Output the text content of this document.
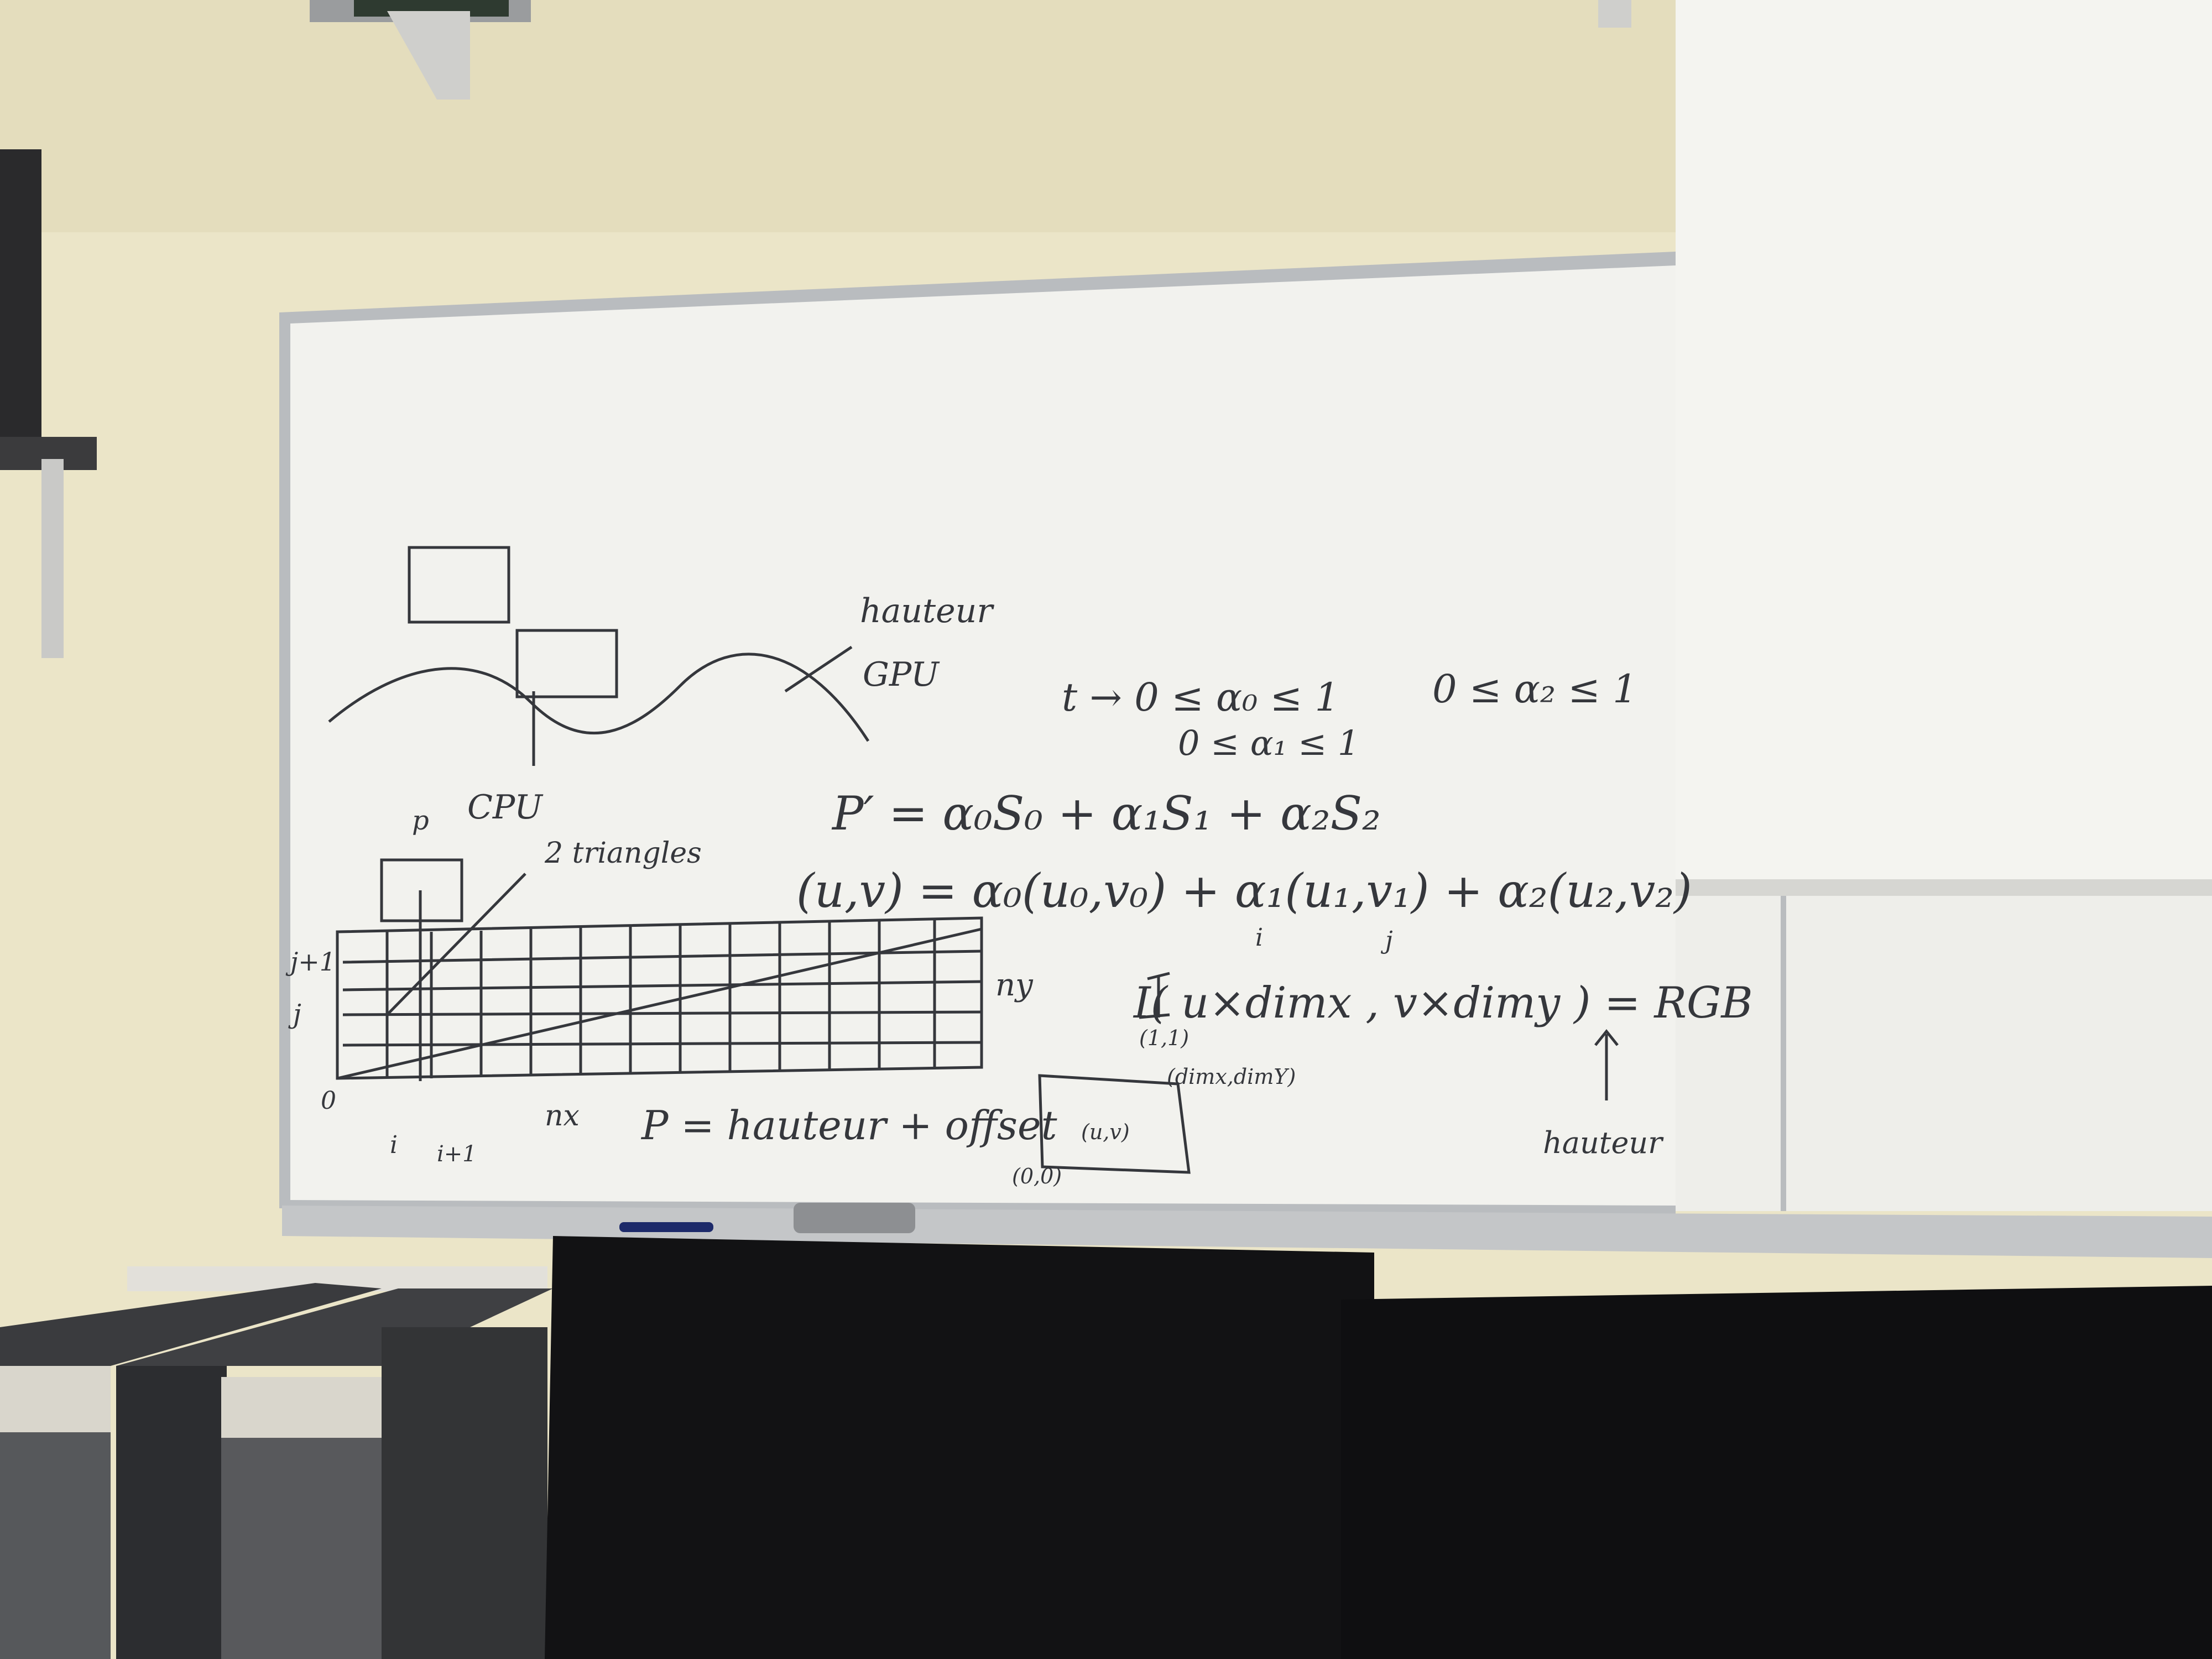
hauteur
GPU
CPU
p
2 triangles
j+1
j
0
i i+1
nx
ny
P = hauteur + offset
t → 0 ≤ α₀ ≤ 1
0 ≤ α₁ ≤ 1
0 ≤ α₂ ≤ 1
P′ = α₀S₀ + α₁S₁ + α₂S₂
(u,v) = α₀(u₀,v₀) + α₁(u₁,v₁) + α₂(u₂,v₂)
i	j
I( u×dimx , v×dimy ) = RGB
hauteur
(1,1)
(dimx,dimY)
(u,v)
(0,0)
